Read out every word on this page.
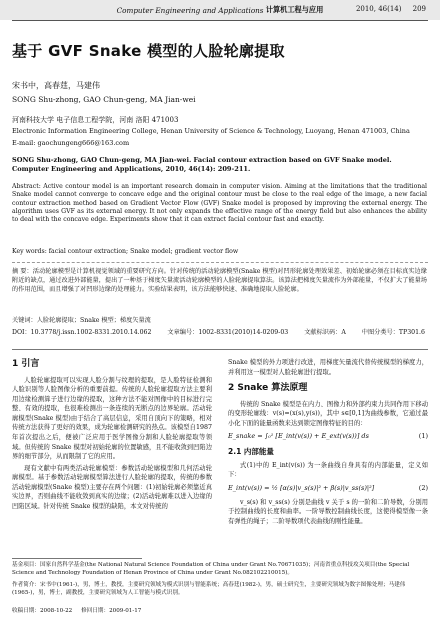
Computer Engineering and Applications
计算机工程与应用	2010, 46(14) 209
基于 GVF Snake 模型的人脸轮廓提取
宋书中，高春莛，马建伟
SONG Shu-zhong, GAO Chun-geng, MA Jian-wei
河南科技大学 电子信息工程学院，河南 洛阳 471003
Electronic Information Engineering College, Henan University of Science & Technology, Luoyang, Henan 471003, China
E-mail: gaochungeng666@163.com
SONG Shu-zhong, GAO Chun-geng, MA Jian-wei. Facial contour extraction based on GVF Snake model. Computer Engineering and Applications, 2010, 46(14): 209-211.
Abstract: Active contour model is an important research domain in computer vision. Aiming at the limitations that the traditional Snake model cannot converge to concave edge and the original contour must be close to the real edge of the image, a new facial contour extraction method based on Gradient Vector Flow (GVF) Snake model is proposed by improving the external energy. The algorithm uses GVF as its external energy. It not only expands the effective range of the energy field but also enhances the ability to deal with the concave edge. Experiments show that it can extract facial contour fast and exactly.
Key words: facial contour extraction; Snake model; gradient vector flow
摘 要：活动轮廓模型是计算机视觉领域的重要研究方向。针对传统的活动轮廓模型(Snake 模型)对凹形轮廓处理效果差、初始轮廓必须在目标真实边缘附近的缺点，通过改进外部能量，提出了一种基于梯度矢量流活动轮廓模型的人脸轮廓提取算法。该算法把梯度矢量流作为外部能量，不仅扩大了能量场的作用范围，而且增强了对凹形边缘的处理能力。实验结果表明，该方法能够快速、准确地提取人脸轮廓。
关键词：人脸轮廓提取；Snake 模型；梯度矢量流
DOI：10.3778/j.issn.1002-8331.2010.14.062	文章编号：1002-8331(2010)14-0209-03	文献标识码：A	中图分类号：TP301.6
1 引言

人脸轮廓提取可以实现人脸分割与纹理的提取，是人脸特征检测和人脸识别等人脸图像分析的重要前提。传统的人脸轮廓提取方法主要利用边缘检测算子进行边缘的提取，这种方法不能对图像中的目标进行完整、有效的提取，也很难检测出一条连续的无断点的边界轮廓。活动轮廓模型(Snake 模型)由于结合了高层信息，采用自顶向下的策略，相对传统方法获得了更好的效果，成为轮廓检测研究的热点。该模型自1987年首次提出之后，便被广泛应用于医学图像分割和人脸轮廓提取等领域。但传统的 Snake 模型对初始轮廓的位置敏感，且不能收敛到凹陷边界的细节部分，从而限制了它的应用。

现有文献中有两类活动轮廓模型：参数活动轮廓模型和几何活动轮廓模型。基于参数活动轮廓模型算法进行人脸轮廓的提取，传统的参数活动轮廓模型(Snake 模型)主要存在两个问题：(1)初始轮廓必须靠近真实边界，否则曲线不能收敛到真实的边缘；(2)活动轮廓难以进入边缘的凹陷区域。针对传统 Snake 模型的缺陷，本文对传统的

Snake 模型的外力项进行改进，用梯度矢量流代替传统模型的梯度力，并利用这一模型对人脸轮廓进行提取。

2 Snake 算法原理

传统的 Snake 模型是在内力、图像力和外部约束力共同作用下移动的变形轮廓线：v(s)=(x(s),y(s))，其中 s∈[0,1]为曲线参数，它通过最小化下面的能量函数来达到锁定图像特征的目的：

E_snake = ∫₀¹ [E_int(v(s)) + E_ext(v(s))] ds	(1)
2.1 内部能量

式(1)中的 E_int(v(s)) 为一条曲线自身具有的内部能量，定义如下：

E_int(v(s)) = ½ [α(s)|v_s(s)|² + β(s)|v_ss(s)|²]	(2)

v_s(s) 和 v_ss(s) 分别是曲线 v 关于 s 的一阶和二阶导数，分别用于控制曲线的长度和曲率。一阶导数控制曲线长度，这使得模型像一条有弹性的绳子；二阶导数项代表曲线的刚性能量。

基金项目：国家自然科学基金(the National Natural Science Foundation of China under Grant No.70671035)；河南省重点科技攻关项目(the Special Science and Technology Foundation of Henan Province of China under Grant No.082102210015)。
作者简介：宋书中(1961-)，男，博士，教授，主要研究领域为模式识别与智能系统；高春莛(1982-)，男，硕士研究生，主要研究领域为数字图像处理；马建伟(1965-)，男，博士，副教授，主要研究领域为人工智能与模式识别。
收稿日期：2008-10-22 修回日期：2009-01-17
